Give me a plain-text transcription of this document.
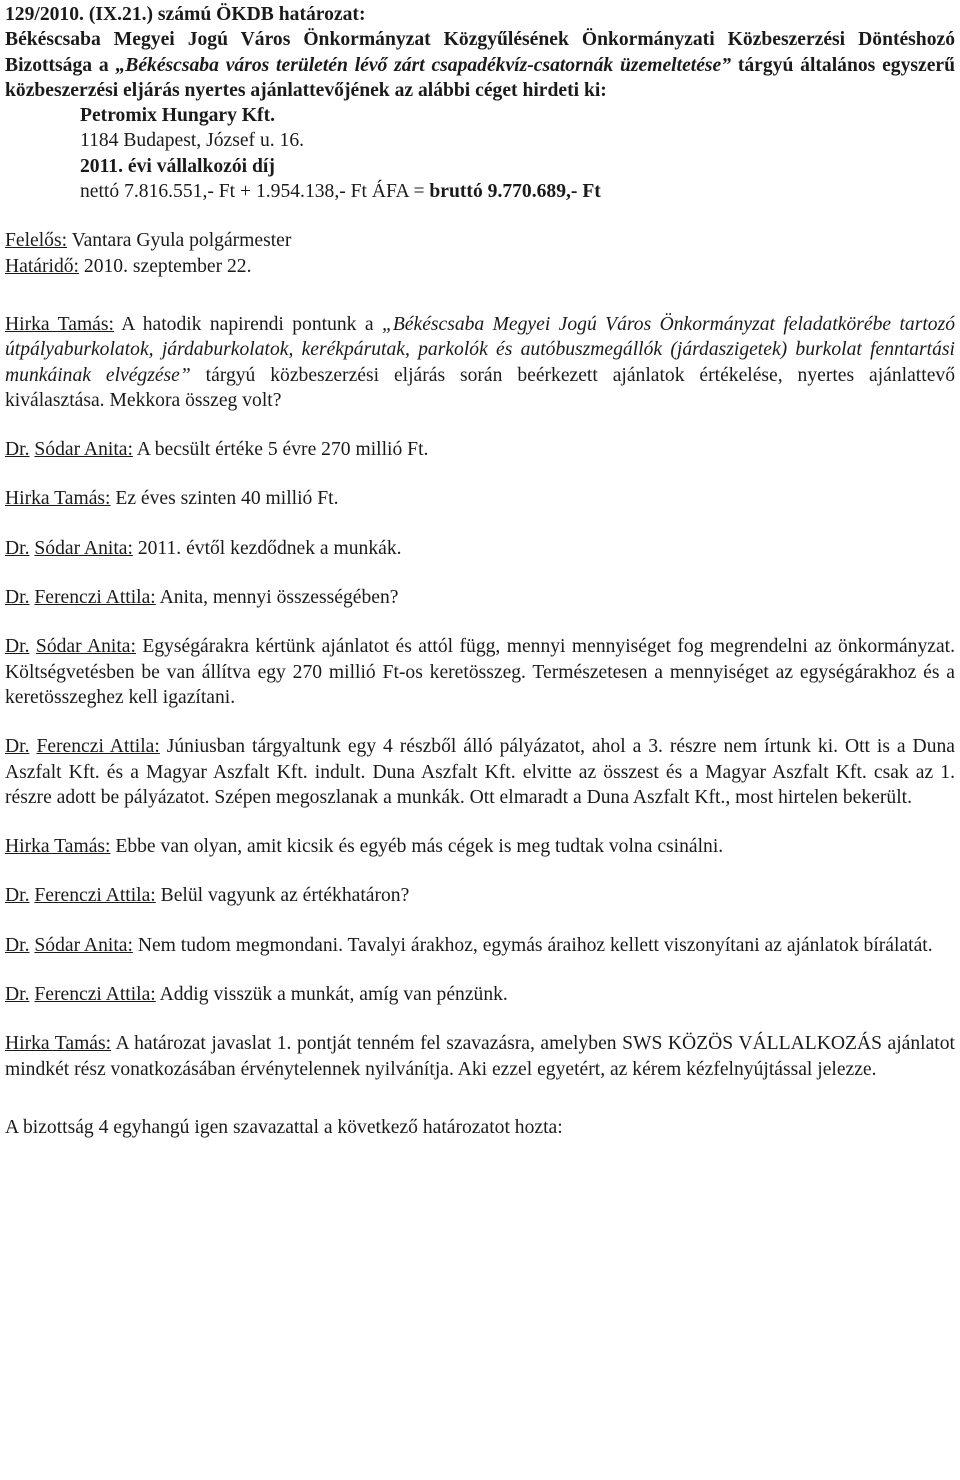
129/2010. (IX.21.) számú ÖKDB határozat:

Békéscsaba Megyei Jogú Város Önkormányzat Közgyűlésének Önkormányzati Közbeszerzési Döntéshozó Bizottsága a „Békéscsaba város területén lévő zárt csapadékvíz-csatornák üzemeltetése” tárgyú általános egyszerű közbeszerzési eljárás nyertes ajánlattevőjének az alábbi céget hirdeti ki:

Petromix Hungary Kft.

1184 Budapest, József u. 16.

2011. évi vállalkozói díj

nettó 7.816.551,- Ft + 1.954.138,- Ft ÁFA = bruttó 9.770.689,- Ft

Felelős: Vantara Gyula polgármester

Határidő: 2010. szeptember 22.

Hirka Tamás: A hatodik napirendi pontunk a „Békéscsaba Megyei Jogú Város Önkormányzat feladatkörébe tartozó útpályaburkolatok, járdaburkolatok, kerékpárutak, parkolók és autóbuszmegállók (járdaszigetek) burkolat fenntartási munkáinak elvégzése” tárgyú közbeszerzési eljárás során beérkezett ajánlatok értékelése, nyertes ajánlattevő kiválasztása. Mekkora összeg volt?

Dr. Sódar Anita: A becsült értéke 5 évre 270 millió Ft.

Hirka Tamás: Ez éves szinten 40 millió Ft.

Dr. Sódar Anita: 2011. évtől kezdődnek a munkák.

Dr. Ferenczi Attila: Anita, mennyi összességében?

Dr. Sódar Anita: Egységárakra kértünk ajánlatot és attól függ, mennyi mennyiséget fog megrendelni az önkormányzat. Költségvetésben be van állítva egy 270 millió Ft-os keretösszeg. Természetesen a mennyiséget az egységárakhoz és a keretösszeghez kell igazítani.

Dr. Ferenczi Attila: Júniusban tárgyaltunk egy 4 részből álló pályázatot, ahol a 3. részre nem írtunk ki. Ott is a Duna Aszfalt Kft. és a Magyar Aszfalt Kft. indult. Duna Aszfalt Kft. elvitte az összest és a Magyar Aszfalt Kft. csak az 1. részre adott be pályázatot. Szépen megoszlanak a munkák. Ott elmaradt a Duna Aszfalt Kft., most hirtelen bekerült.

Hirka Tamás: Ebbe van olyan, amit kicsik és egyéb más cégek is meg tudtak volna csinálni.

Dr. Ferenczi Attila: Belül vagyunk az értékhatáron?

Dr. Sódar Anita: Nem tudom megmondani. Tavalyi árakhoz, egymás áraihoz kellett viszonyítani az ajánlatok bírálatát.

Dr. Ferenczi Attila: Addig visszük a munkát, amíg van pénzünk.

Hirka Tamás: A határozat javaslat 1. pontját tenném fel szavazásra, amelyben SWS KÖZÖS VÁLLALKOZÁS ajánlatot mindkét rész vonatkozásában érvénytelennek nyilvánítja. Aki ezzel egyetért, az kérem kézfelnyújtással jelezze.

A bizottság 4 egyhangú igen szavazattal a következő határozatot hozta:
